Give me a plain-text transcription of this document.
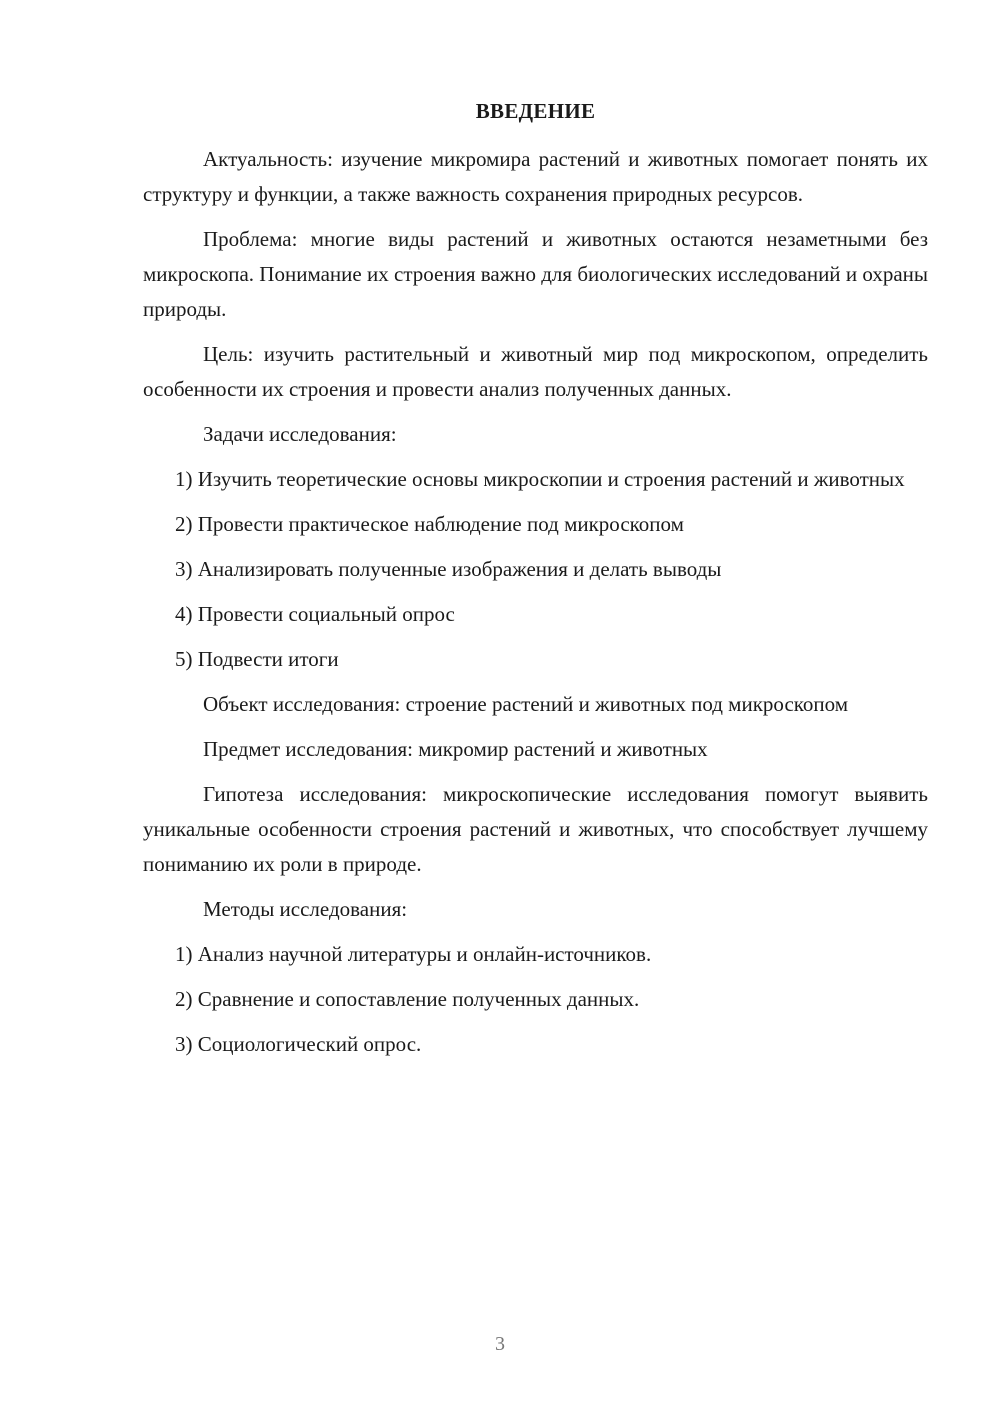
ВВЕДЕНИЕ

Актуальность: изучение микромира растений и животных помогает понять их структуру и функции, а также важность сохранения природных ресурсов.

Проблема: многие виды растений и животных остаются незаметными без микроскопа. Понимание их строения важно для биологических исследований и охраны природы.

Цель: изучить растительный и животный мир под микроскопом, определить особенности их строения и провести анализ полученных данных.

Задачи исследования:

1) Изучить теоретические основы микроскопии и строения растений и животных

2) Провести практическое наблюдение под микроскопом

3) Анализировать полученные изображения и делать выводы

4) Провести социальный опрос

5) Подвести итоги

Объект исследования: строение растений и животных под микроскопом

Предмет исследования: микромир растений и животных

Гипотеза исследования: микроскопические исследования помогут выявить уникальные особенности строения растений и животных, что способствует лучшему пониманию их роли в природе.

Методы исследования:

1) Анализ научной литературы и онлайн-источников.

2) Сравнение и сопоставление полученных данных.

3) Социологический опрос.

3
